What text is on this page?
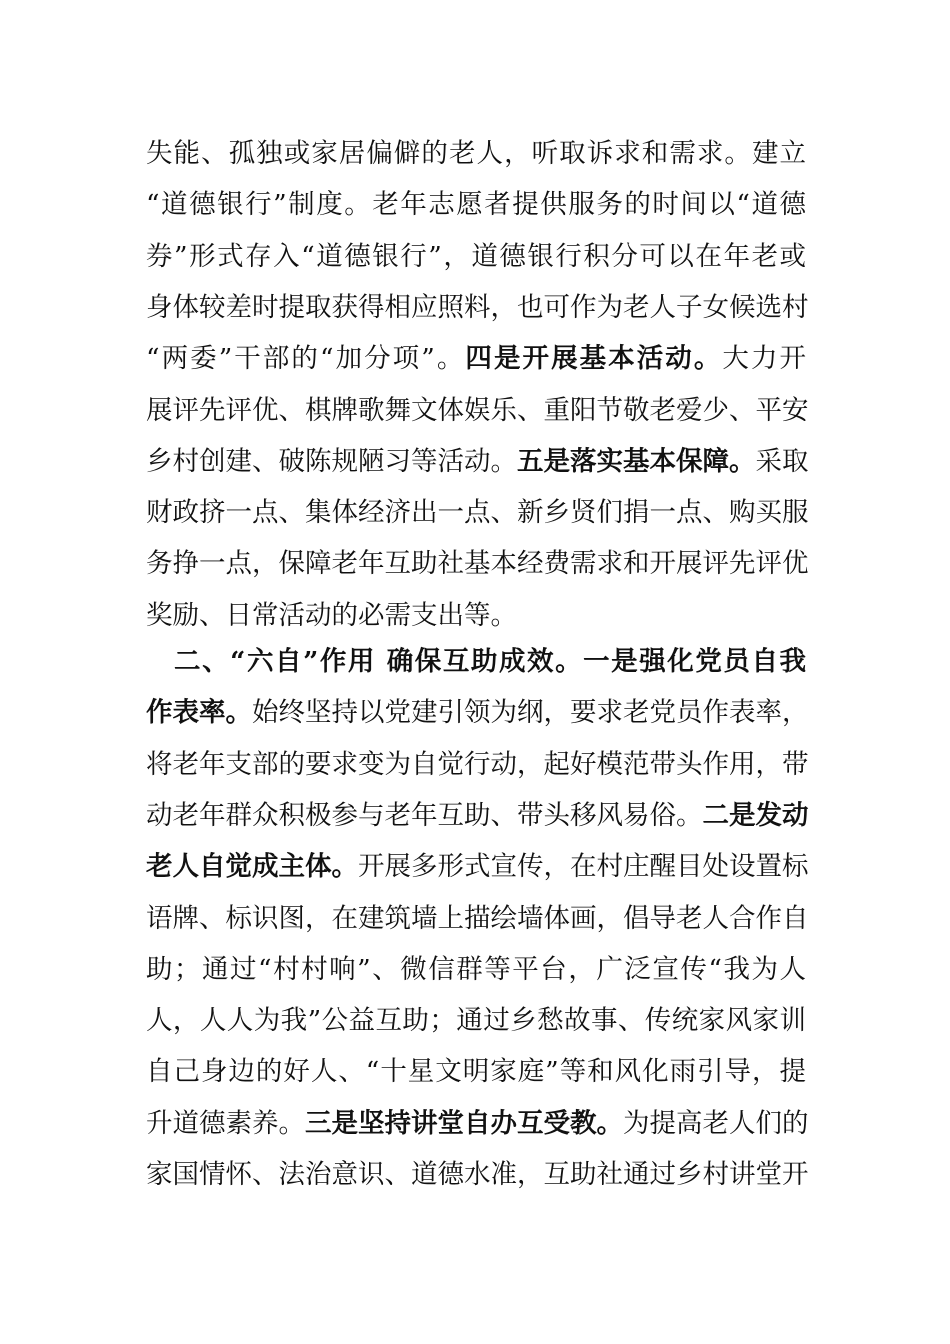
失能、孤独或家居偏僻的老人，听取诉求和需求。建立
“道德银行”制度。老年志愿者提供服务的时间以“道德
券”形式存入“道德银行”，道德银行积分可以在年老或
身体较差时提取获得相应照料，也可作为老人子女候选村
“两委”干部的“加分项”。四是开展基本活动。大力开
展评先评优、棋牌歌舞文体娱乐、重阳节敬老爱少、平安
乡村创建、破陈规陋习等活动。五是落实基本保障。采取
财政挤一点、集体经济出一点、新乡贤们捐一点、购买服
务挣一点，保障老年互助社基本经费需求和开展评先评优
奖励、日常活动的必需支出等。
　二、“六自”作用 确保互助成效。一是强化党员自我
作表率。始终坚持以党建引领为纲，要求老党员作表率，
将老年支部的要求变为自觉行动，起好模范带头作用，带
动老年群众积极参与老年互助、带头移风易俗。二是发动
老人自觉成主体。开展多形式宣传，在村庄醒目处设置标
语牌、标识图，在建筑墙上描绘墙体画，倡导老人合作自
助；通过“村村响”、微信群等平台，广泛宣传“我为人
人，人人为我”公益互助；通过乡愁故事、传统家风家训
自己身边的好人、“十星文明家庭”等和风化雨引导，提
升道德素养。三是坚持讲堂自办互受教。为提高老人们的
家国情怀、法治意识、道德水准，互助社通过乡村讲堂开
